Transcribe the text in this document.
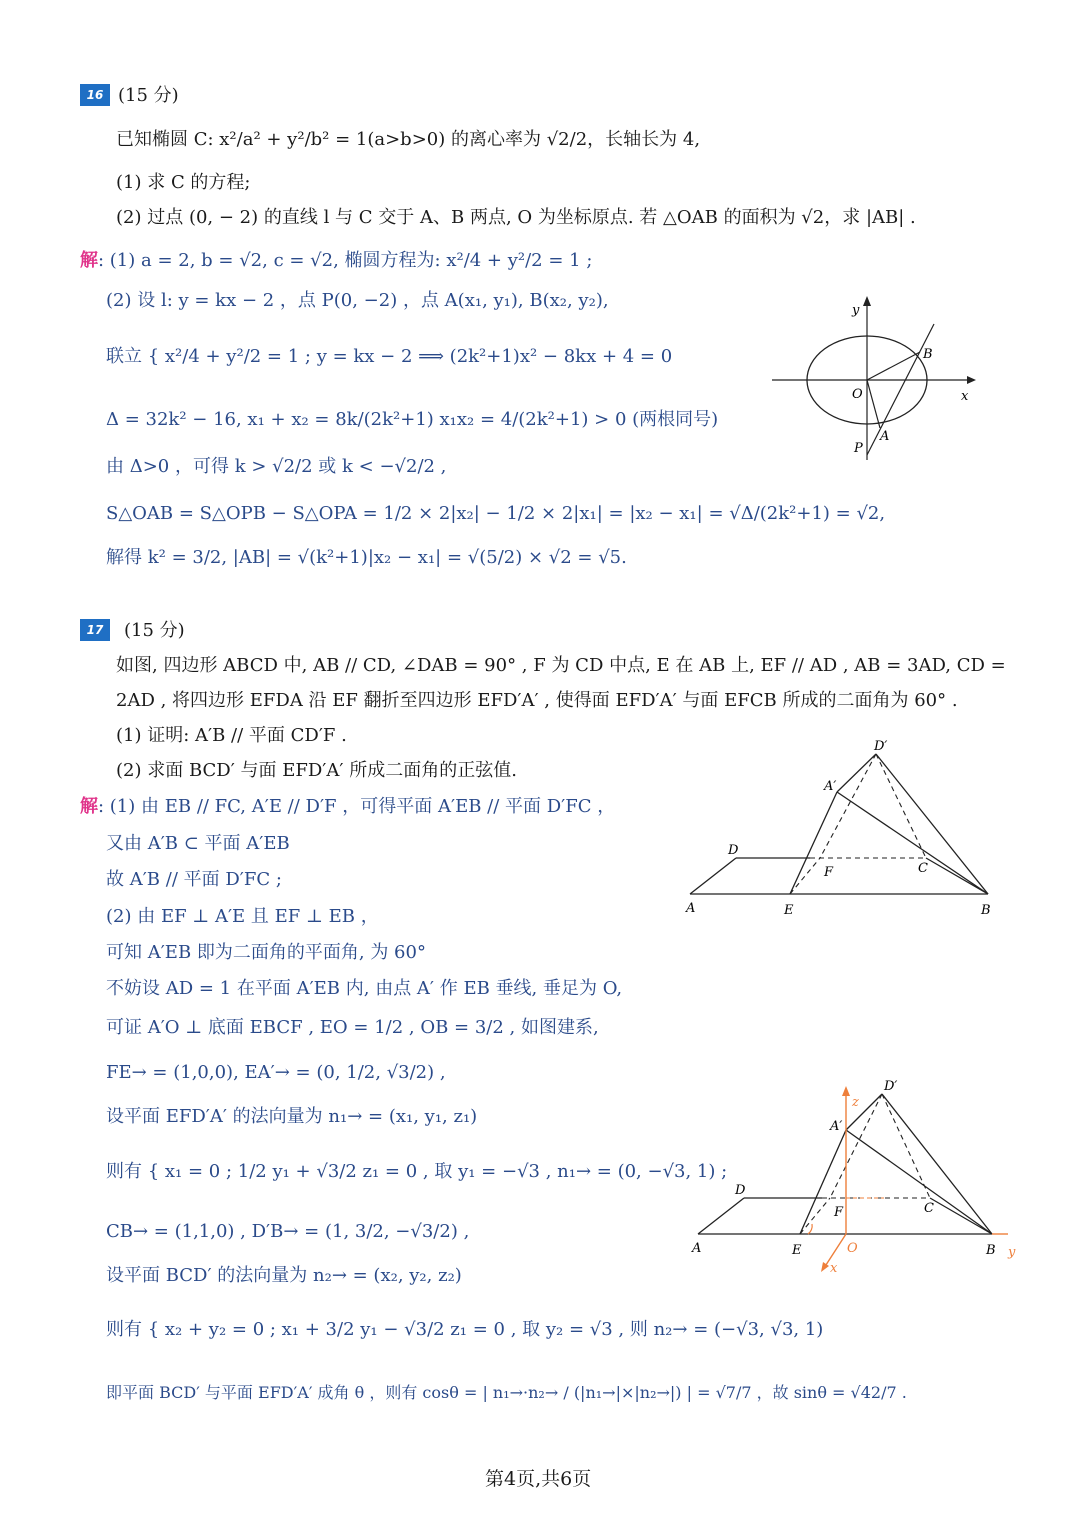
16 (15 分)
已知椭圆 C: x²/a² + y²/b² = 1(a>b>0) 的离心率为 √2/2，长轴长为 4,
(1) 求 C 的方程;
(2) 过点 (0, − 2) 的直线 l 与 C 交于 A、B 两点, O 为坐标原点. 若 △OAB 的面积为 √2，求 |AB| .
解: (1) a = 2, b = √2, c = √2, 椭圆方程为: x²/4 + y²/2 = 1 ;
(2) 设 l: y = kx − 2 ，点 P(0, −2) ，点 A(x₁, y₁), B(x₂, y₂),
联立 { x²/4 + y²/2 = 1 ; y = kx − 2 ⟹ (2k²+1)x² − 8kx + 4 = 0
Δ = 32k² − 16, x₁ + x₂ = 8k/(2k²+1) x₁x₂ = 4/(2k²+1) > 0 (两根同号)
由 Δ>0 ，可得 k > √2/2 或 k < −√2/2 ,
S△OAB = S△OPB − S△OPA = 1/2 × 2|x₂| − 1/2 × 2|x₁| = |x₂ − x₁| = √Δ/(2k²+1) = √2,
解得 k² = 3/2, |AB| = √(k²+1)|x₂ − x₁| = √(5/2) × √2 = √5.
y
B
O	x
P
A
17	(15 分)
如图, 四边形 ABCD 中, AB // CD, ∠DAB = 90° , F 为 CD 中点, E 在 AB 上, EF // AD , AB = 3AD, CD =
2AD , 将四边形 EFDA 沿 EF 翻折至四边形 EFD′A′ , 使得面 EFD′A′ 与面 EFCB 所成的二面角为 60° .
(1) 证明: A′B // 平面 CD′F .
(2) 求面 BCD′ 与面 EFD′A′ 所成二面角的正弦值.
解: (1) 由 EB // FC, A′E // D′F ，可得平面 A′EB // 平面 D′FC ，
又由 A′B ⊂ 平面 A′EB
故 A′B // 平面 D′FC ;
(2) 由 EF ⊥ A′E 且 EF ⊥ EB ，
可知 A′EB 即为二面角的平面角, 为 60°
不妨设 AD = 1 在平面 A′EB 内, 由点 A′ 作 EB 垂线, 垂足为 O,
可证 A′O ⊥ 底面 EBCF , EO = 1/2 , OB = 3/2 , 如图建系,
FE→ = (1,0,0), EA′→ = (0, 1/2, √3/2) ,
设平面 EFD′A′ 的法向量为 n₁→ = (x₁, y₁, z₁)
则有 { x₁ = 0 ; 1/2 y₁ + √3/2 z₁ = 0 , 取 y₁ = −√3 , n₁→ = (0, −√3, 1) ;
CB→ = (1,1,0) , D′B→ = (1, 3/2, −√3/2) ,
设平面 BCD′ 的法向量为 n₂→ = (x₂, y₂, z₂)
则有 { x₂ + y₂ = 0 ; x₁ + 3/2 y₁ − √3/2 z₁ = 0 , 取 y₂ = √3 , 则 n₂→ = (−√3, √3, 1)
即平面 BCD′ 与平面 EFD′A′ 成角 θ ，则有 cosθ = | n₁→·n₂→ / (|n₁→|×|n₂→|) | = √7/7 ，故 sinθ = √42/7 .
D′
A′
D
F	C
A	E	B
z
D′
A′
D
F	C
A	E	O	B y
x
第4页,共6页
